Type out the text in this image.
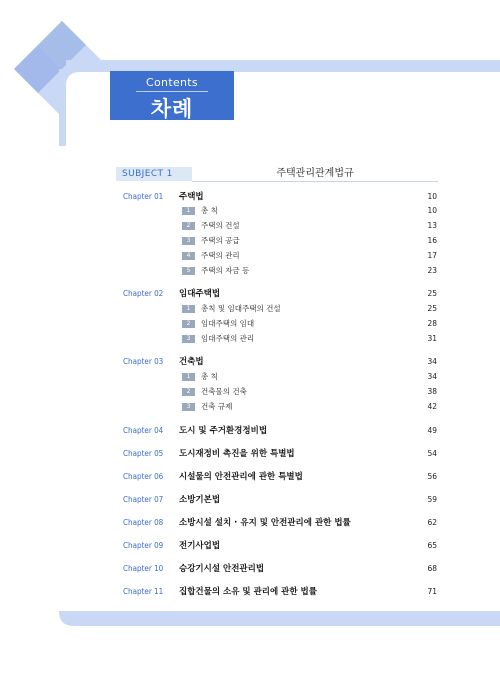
Contents
차례
SUBJECT 1	주택관리관계법규
Chapter 01 주택법	10
1	총 칙	10
2	주택의 건설	13
3	주택의 공급	16
4	주택의 관리	17
5	주택의 자금 등	23
Chapter 02 임대주택법	25
1	총칙 및 임대주택의 건설	25
2	임대주택의 임대	28
3	임대주택의 관리	31
Chapter 03 건축법	34
1	총 칙	34
2	건축물의 건축	38
3	건축 규제	42
Chapter 04 도시 및 주거환경정비법	49
Chapter 05 도시재정비 촉진을 위한 특별법	54
Chapter 06 시설물의 안전관리에 관한 특별법	56
Chapter 07 소방기본법	59
Chapter 08 소방시설 설치 · 유지 및 안전관리에 관한 법률	62
Chapter 09 전기사업법	65
Chapter 10 승강기시설 안전관리법	68
Chapter 11 집합건물의 소유 및 관리에 관한 법률	71
